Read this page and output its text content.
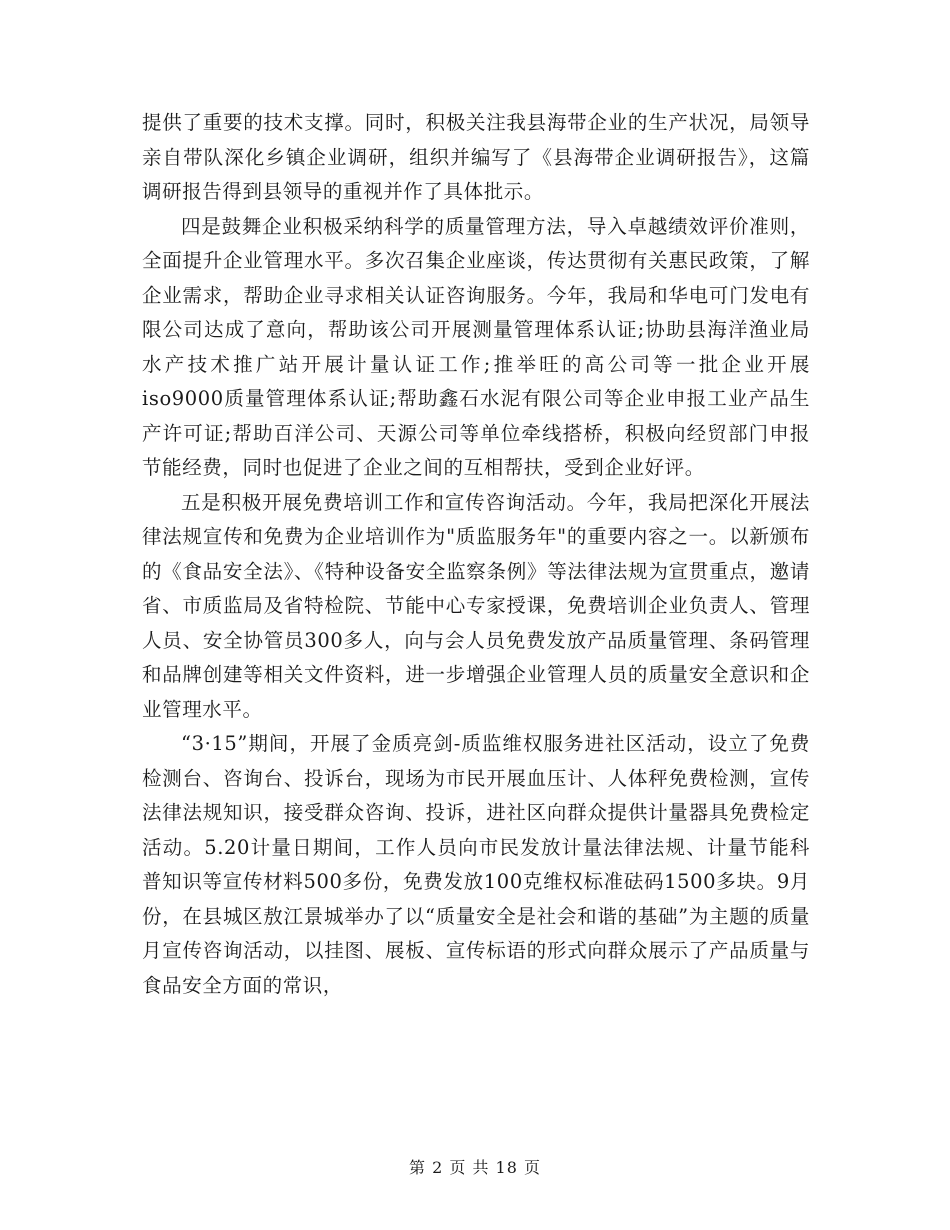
提供了重要的技术支撑。同时，积极关注我县海带企业的生产状况，局领导亲自带队深化乡镇企业调研，组织并编写了《县海带企业调研报告》，这篇调研报告得到县领导的重视并作了具体批示。

四是鼓舞企业积极采纳科学的质量管理方法，导入卓越绩效评价准则，全面提升企业管理水平。多次召集企业座谈，传达贯彻有关惠民政策，了解企业需求，帮助企业寻求相关认证咨询服务。今年，我局和华电可门发电有限公司达成了意向，帮助该公司开展测量管理体系认证;协助县海洋渔业局水产技术推广站开展计量认证工作;推举旺的高公司等一批企业开展iso9000质量管理体系认证;帮助鑫石水泥有限公司等企业申报工业产品生产许可证;帮助百洋公司、天源公司等单位牵线搭桥，积极向经贸部门申报节能经费，同时也促进了企业之间的互相帮扶，受到企业好评。

五是积极开展免费培训工作和宣传咨询活动。今年，我局把深化开展法律法规宣传和免费为企业培训作为"质监服务年"的重要内容之一。以新颁布的《食品安全法》、《特种设备安全监察条例》等法律法规为宣贯重点，邀请省、市质监局及省特检院、节能中心专家授课，免费培训企业负责人、管理人员、安全协管员300多人，向与会人员免费发放产品质量管理、条码管理和品牌创建等相关文件资料，进一步增强企业管理人员的质量安全意识和企业管理水平。

“3·15”期间，开展了金质亮剑-质监维权服务进社区活动，设立了免费检测台、咨询台、投诉台，现场为市民开展血压计、人体秤免费检测，宣传法律法规知识，接受群众咨询、投诉，进社区向群众提供计量器具免费检定活动。5.20计量日期间，工作人员向市民发放计量法律法规、计量节能科普知识等宣传材料500多份，免费发放100克维权标准砝码1500多块。9月份，在县城区敖江景城举办了以“质量安全是社会和谐的基础”为主题的质量月宣传咨询活动，以挂图、展板、宣传标语的形式向群众展示了产品质量与食品安全方面的常识，

第 2 页 共 18 页
